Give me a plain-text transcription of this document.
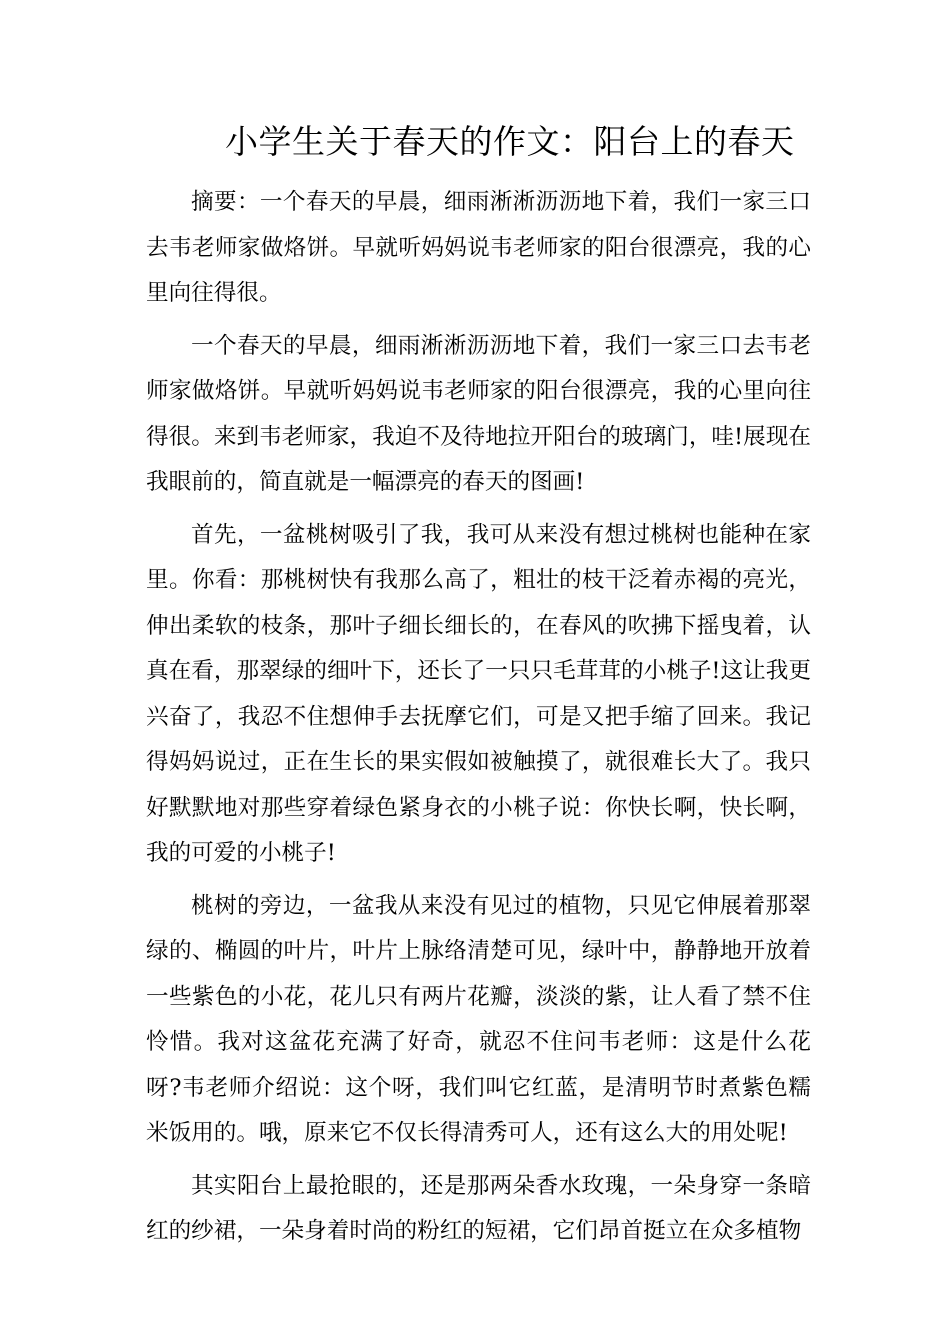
小学生关于春天的作文：阳台上的春天

摘要：一个春天的早晨，细雨淅淅沥沥地下着，我们一家三口去韦老师家做烙饼。早就听妈妈说韦老师家的阳台很漂亮，我的心里向往得很。

一个春天的早晨，细雨淅淅沥沥地下着，我们一家三口去韦老师家做烙饼。早就听妈妈说韦老师家的阳台很漂亮，我的心里向往得很。来到韦老师家，我迫不及待地拉开阳台的玻璃门，哇!展现在我眼前的，简直就是一幅漂亮的春天的图画!

首先，一盆桃树吸引了我，我可从来没有想过桃树也能种在家里。你看：那桃树快有我那么高了，粗壮的枝干泛着赤褐的亮光，伸出柔软的枝条，那叶子细长细长的，在春风的吹拂下摇曳着，认真在看，那翠绿的细叶下，还长了一只只毛茸茸的小桃子!这让我更兴奋了，我忍不住想伸手去抚摩它们，可是又把手缩了回来。我记得妈妈说过，正在生长的果实假如被触摸了，就很难长大了。我只好默默地对那些穿着绿色紧身衣的小桃子说：你快长啊，快长啊，我的可爱的小桃子!

桃树的旁边，一盆我从来没有见过的植物，只见它伸展着那翠绿的、椭圆的叶片，叶片上脉络清楚可见，绿叶中，静静地开放着一些紫色的小花，花儿只有两片花瓣，淡淡的紫，让人看了禁不住怜惜。我对这盆花充满了好奇，就忍不住问韦老师：这是什么花呀?韦老师介绍说：这个呀，我们叫它红蓝，是清明节时煮紫色糯米饭用的。哦，原来它不仅长得清秀可人，还有这么大的用处呢!

其实阳台上最抢眼的，还是那两朵香水玫瑰，一朵身穿一条暗红的纱裙，一朵身着时尚的粉红的短裙，它们昂首挺立在众多植物
